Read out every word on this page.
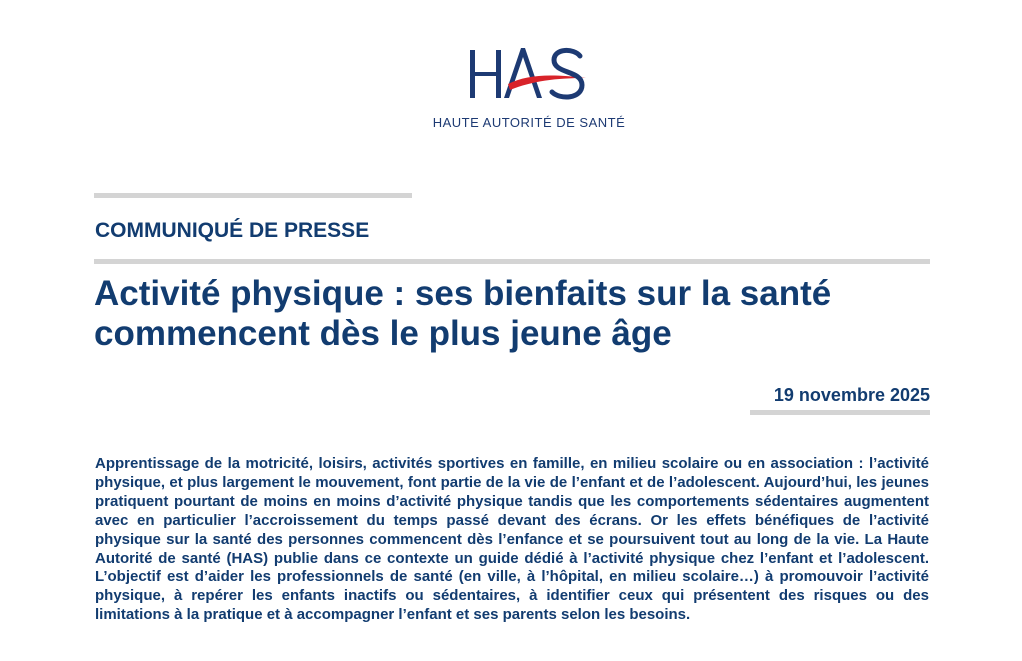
HAUTE AUTORITÉ DE SANTÉ
COMMUNIQUÉ DE PRESSE
Activité physique : ses bienfaits sur la santé
commencent dès le plus jeune âge
19 novembre 2025

Apprentissage de la motricité, loisirs, activités sportives en famille, en milieu scolaire ou en association : l’activité physique, et plus largement le mouvement, font partie de la vie de l’enfant et de l’adolescent. Aujourd’hui, les jeunes pratiquent pourtant de moins en moins d’activité physique tandis que les comportements sédentaires augmentent avec en particulier l’accroissement du temps passé devant des écrans. Or les effets bénéfiques de l’activité physique sur la santé des personnes commencent dès l’enfance et se poursuivent tout au long de la vie. La Haute Autorité de santé (HAS) publie dans ce contexte un guide dédié à l’activité physique chez l’enfant et l’adolescent. L’objectif est d’aider les professionnels de santé (en ville, à l’hôpital, en milieu scolaire…) à promouvoir l’activité physique, à repérer les enfants inactifs ou sédentaires, à identifier ceux qui présentent des risques ou des limitations à la pratique et à accompagner l’enfant et ses parents selon les besoins.
